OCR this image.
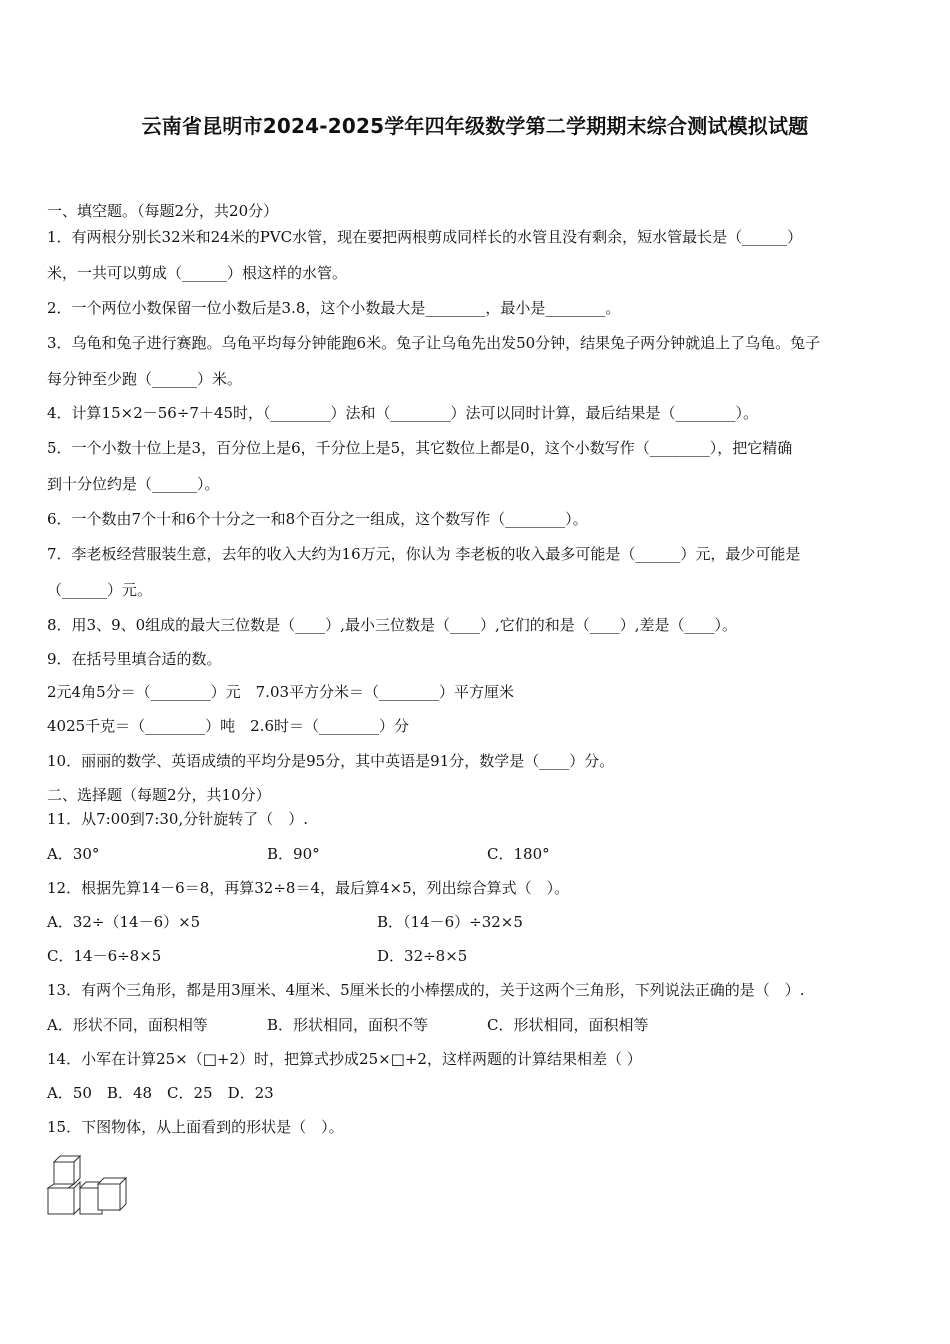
云南省昆明市2024-2025学年四年级数学第二学期期末综合测试模拟试题
一、填空题。（每题2分，共20分）
1．有两根分别长32米和24米的PVC水管，现在要把两根剪成同样长的水管且没有剩余，短水管最长是（______）
米，一共可以剪成（______）根这样的水管。
2．一个两位小数保留一位小数后是3.8，这个小数最大是________，最小是________。
3．乌龟和兔子进行赛跑。乌龟平均每分钟能跑6米。兔子让乌龟先出发50分钟，结果兔子两分钟就追上了乌龟。兔子
每分钟至少跑（______）米。
4．计算15×2－56÷7＋45时，（________）法和（________）法可以同时计算，最后结果是（________）。
5．一个小数十位上是3，百分位上是6，千分位上是5，其它数位上都是0，这个小数写作（________），把它精确
到十分位约是（______）。
6．一个数由7个十和6个十分之一和8个百分之一组成，这个数写作（________）。
7．李老板经营服装生意，去年的收入大约为16万元，你认为 李老板的收入最多可能是（______）元，最少可能是
（______）元。
8．用3、9、0组成的最大三位数是（____）,最小三位数是（____）,它们的和是（____）,差是（____）。
9．在括号里填合适的数。
2元4角5分＝（________）元　7.03平方分米＝（________）平方厘米
4025千克＝（________）吨　2.6时＝（________）分
10．丽丽的数学、英语成绩的平均分是95分，其中英语是91分，数学是（____）分。
二、选择题（每题2分，共10分）
11．从7:00到7:30,分针旋转了（　）.
A．30°	B．90°	C．180°
12．根据先算14－6＝8，再算32÷8＝4，最后算4×5，列出综合算式（　）。
A．32÷（14－6）×5	B．（14－6）÷32×5
C．14－6÷8×5	D．32÷8×5
13．有两个三角形，都是用3厘米、4厘米、5厘米长的小棒摆成的，关于这两个三角形，下列说法正确的是（　）.
A．形状不同，面积相等	B．形状相同，面积不等	C．形状相同，面积相等
14．小军在计算25×（□+2）时，把算式抄成25×□+2，这样两题的计算结果相差（ ）
A．50　B．48　C．25　D．23
15．下图物体，从上面看到的形状是（　）。
